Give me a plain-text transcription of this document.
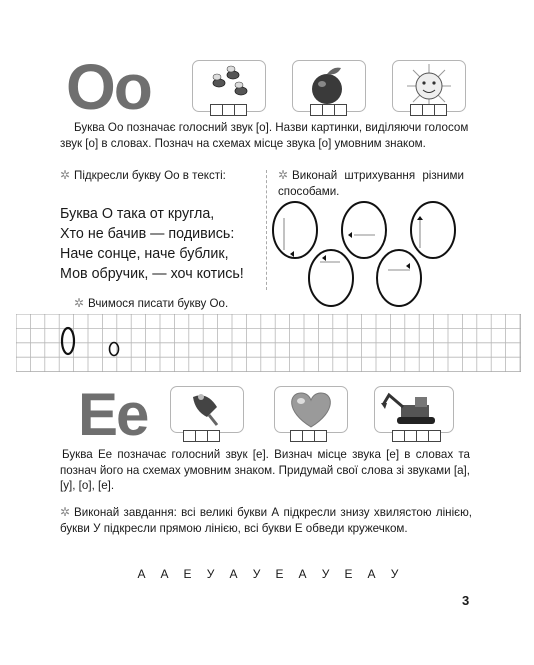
Оо
Буква Оо позначає голосний звук [о]. Назви картинки, виділяючи голосом звук [о] в словах. Познач на схемах місце звука [о] умовним знаком.
✲ Підкресли букву Оо в тексті:
Буква О така от кругла,
Хто не бачив — подивись:
Наче сонце, наче бублик,
Мов обручик, — хоч котись!
✲ Виконай штрихування різними способами.
✲ Вчимося писати букву Оо.
Ее
Буква Ее позначає голосний звук [е]. Визнач місце звука [е] в словах та познач його на схемах умовним знаком. Придумай свої слова зі звуками [а], [у], [о], [е].
✲ Виконай завдання: всі великі букви А підкресли знизу хвилястою лінією, букви У підкресли прямою лінією, всі букви Е обведи кружечком.
А	А	Е	У	А	У	Е	А	У	Е	А	У
3
